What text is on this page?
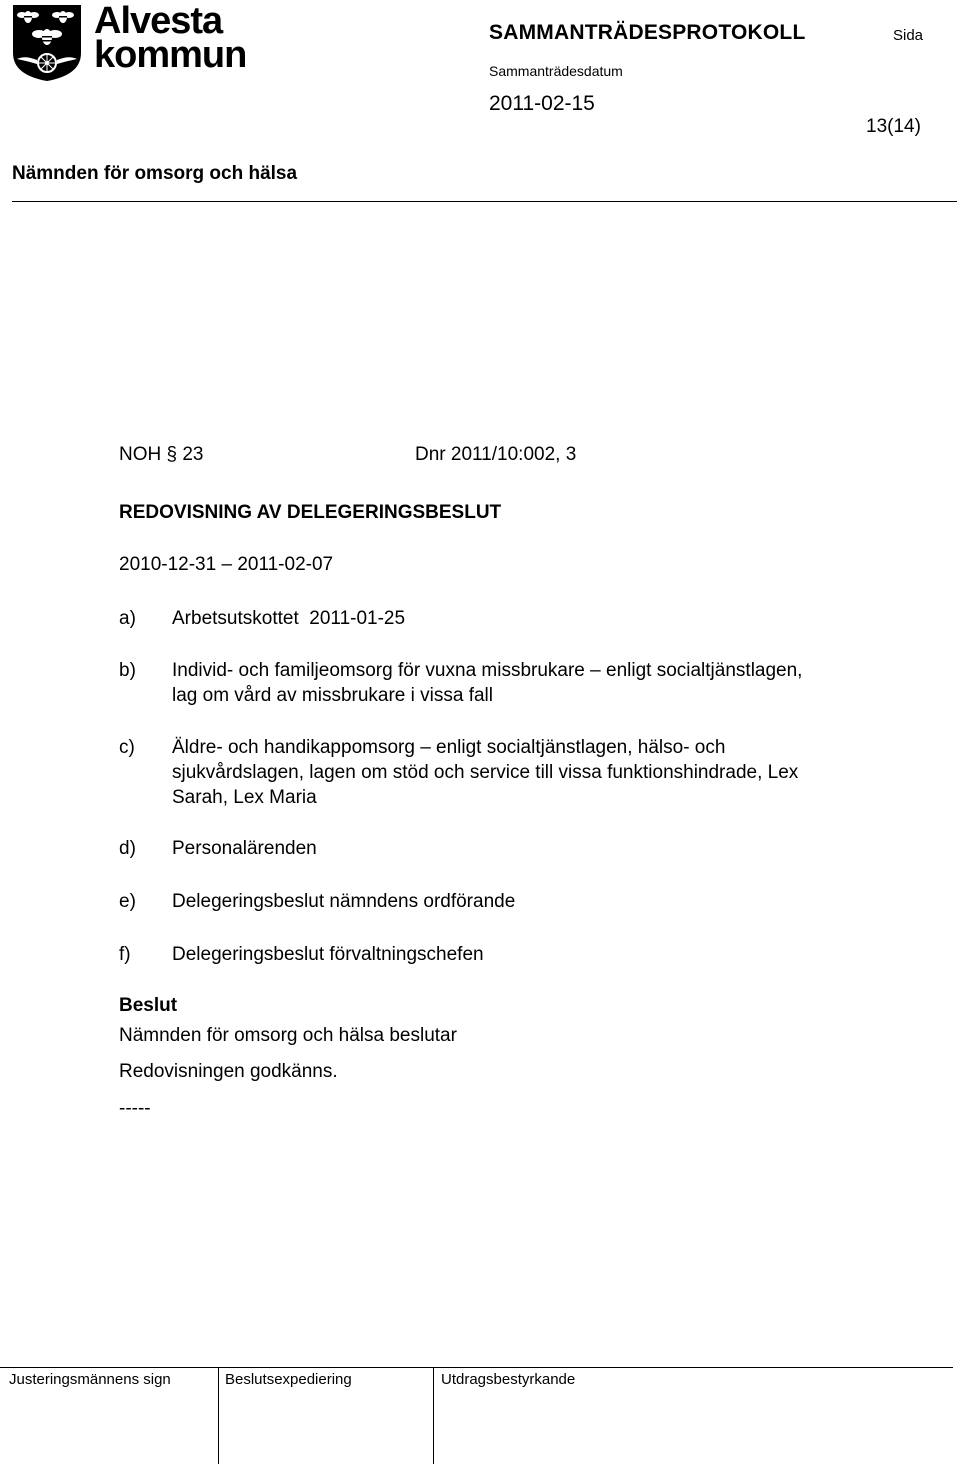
Alvesta
kommun
SAMMANTRÄDESPROTOKOLL	Sida
Sammanträdesdatum
2011-02-15
13(14)
Nämnden för omsorg och hälsa
NOH § 23	Dnr 2011/10:002, 3
REDOVISNING AV DELEGERINGSBESLUT
2010-12-31 – 2011-02-07
a) Arbetsutskottet  2011-01-25
b) Individ- och familjeomsorg för vuxna missbrukare – enligt socialtjänstlagen,
lag om vård av missbrukare i vissa fall
c) Äldre- och handikappomsorg – enligt socialtjänstlagen, hälso- och
sjukvårdslagen, lagen om stöd och service till vissa funktionshindrade, Lex
Sarah, Lex Maria
d) Personalärenden
e) Delegeringsbeslut nämndens ordförande
f) Delegeringsbeslut förvaltningschefen
Beslut
Nämnden för omsorg och hälsa beslutar
Redovisningen godkänns.
-----
Justeringsmännens sign	Beslutsexpediering	Utdragsbestyrkande
